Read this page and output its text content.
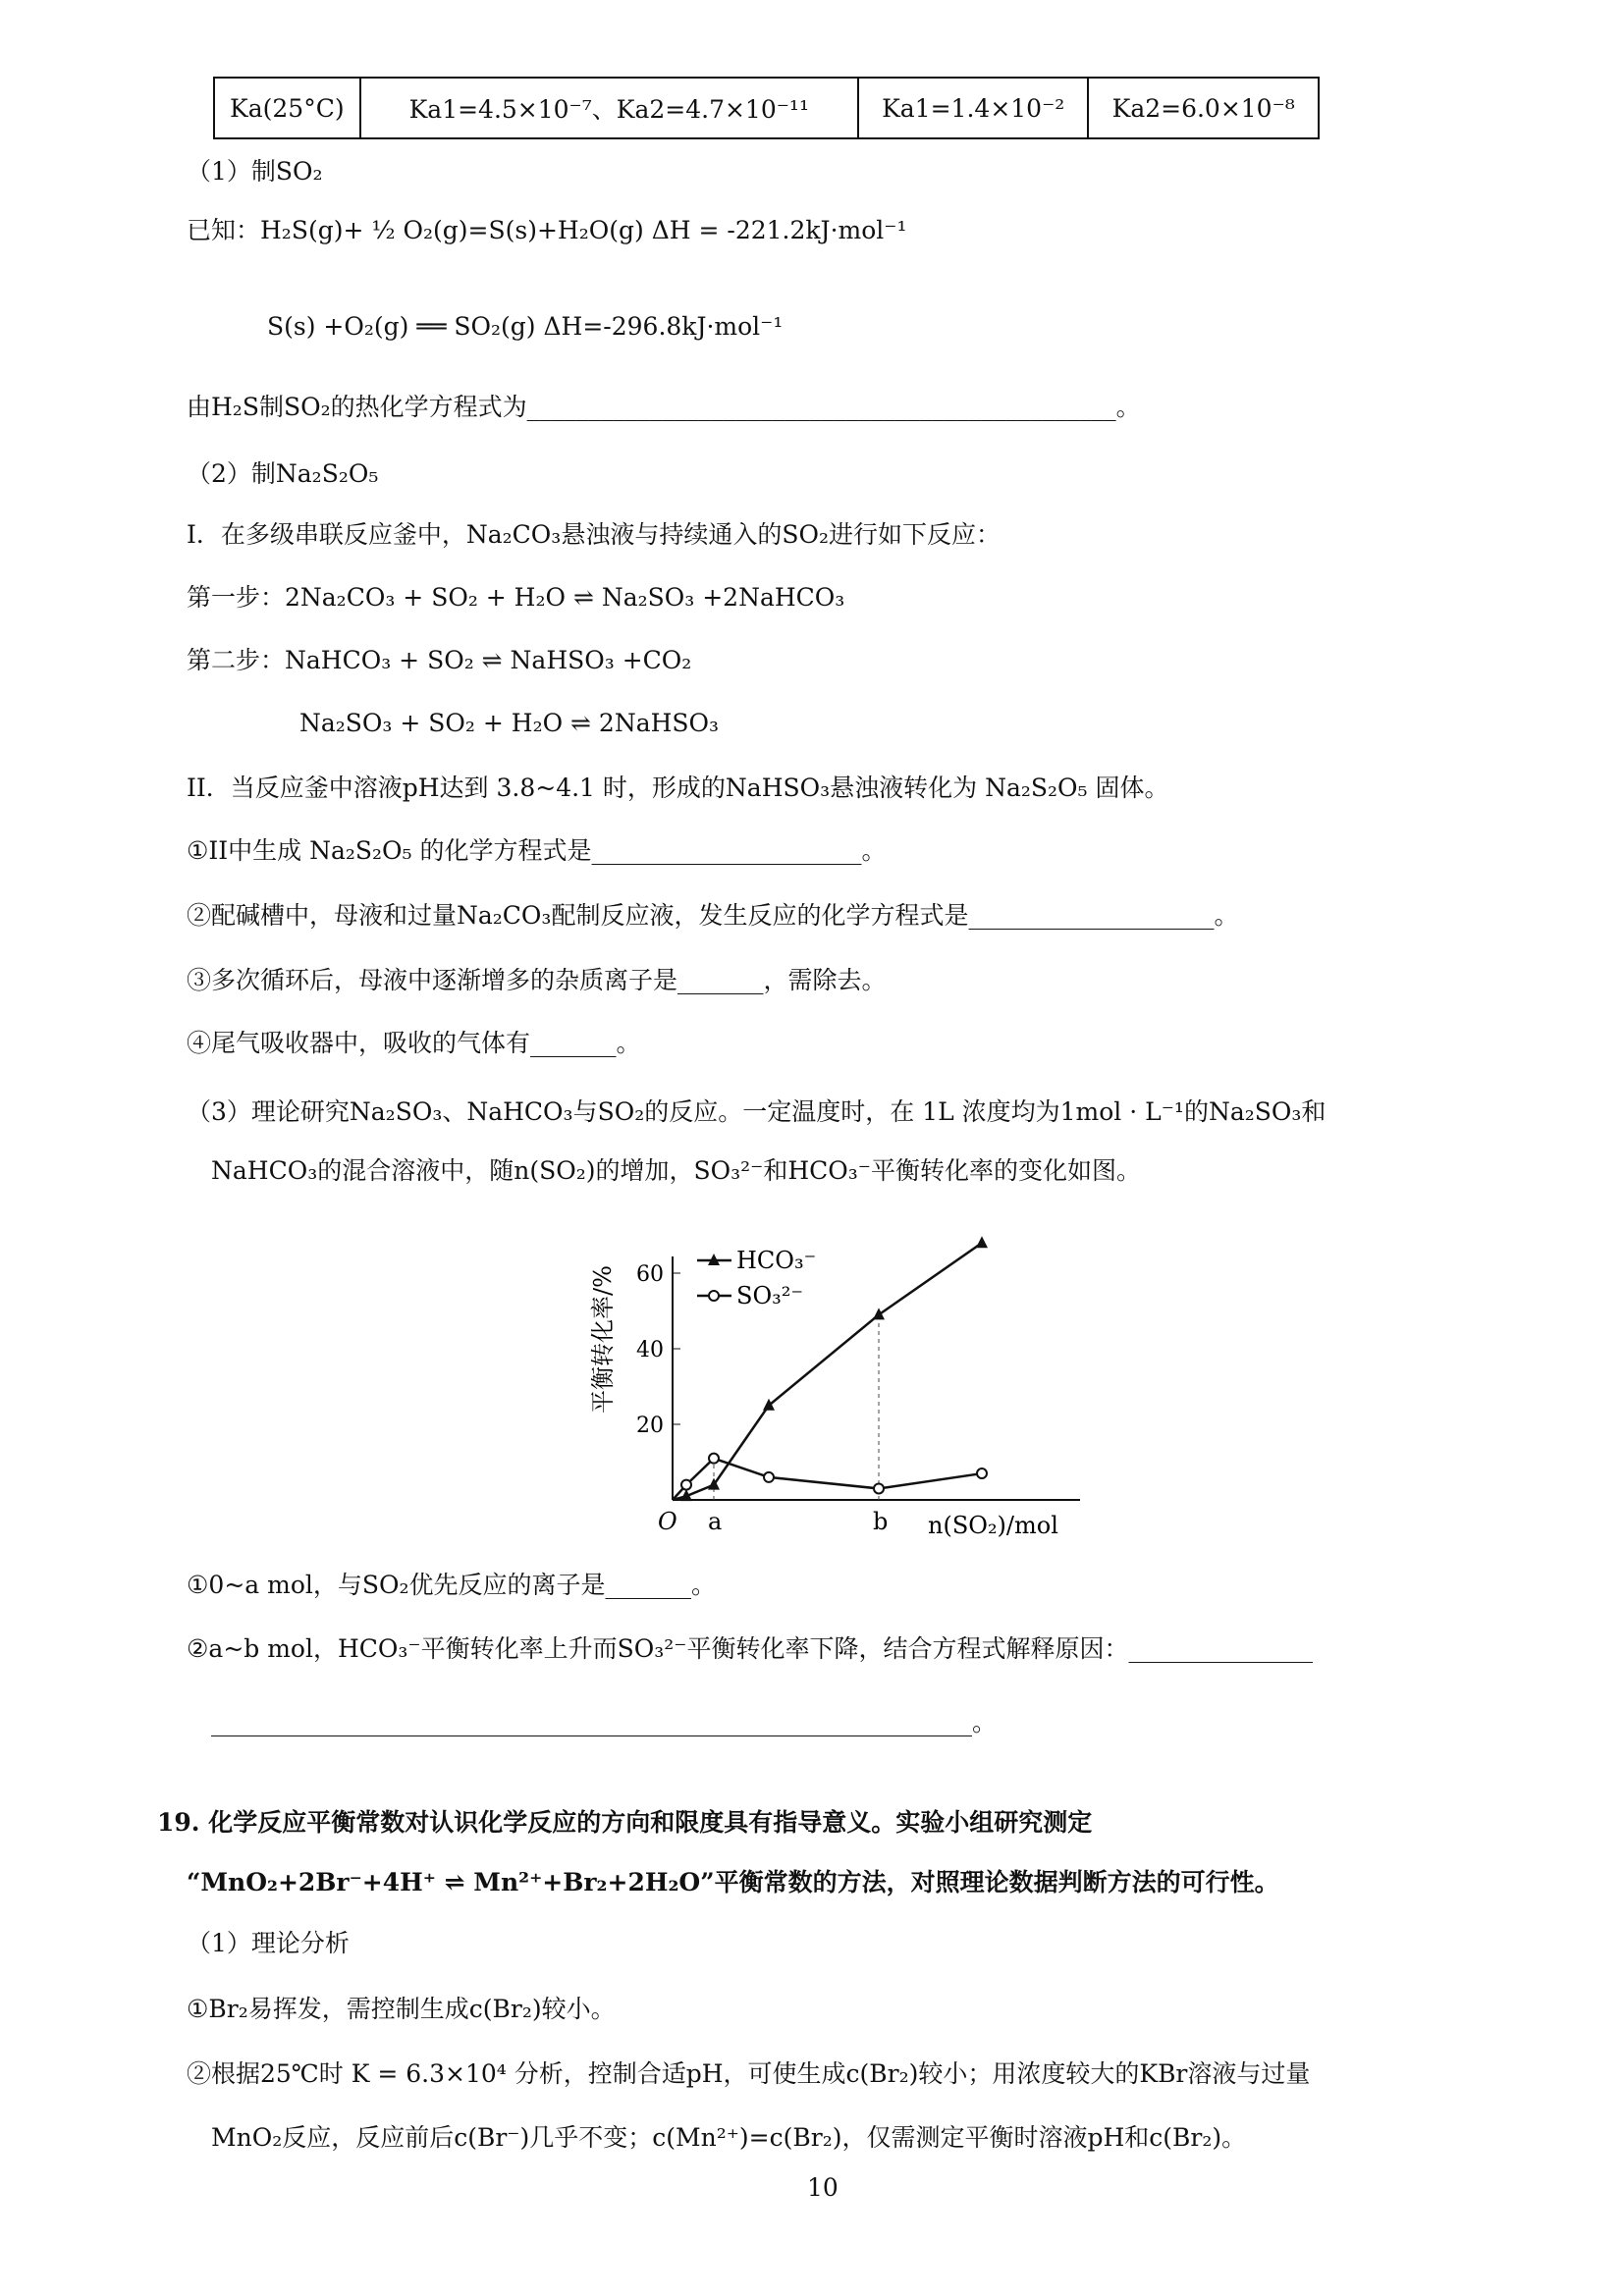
Ka(25°C)	Ka1=4.5×10⁻⁷、Ka2=4.7×10⁻¹¹	Ka1=1.4×10⁻²	Ka2=6.0×10⁻⁸
（1）制SO₂
已知：H₂S(g)+ ½ O₂(g)=S(s)+H₂O(g) ΔH = -221.2kJ·mol⁻¹
S(s) +O₂(g) ══ SO₂(g) ΔH=-296.8kJ·mol⁻¹
由H₂S制SO₂的热化学方程式为________________________________________________。
（2）制Na₂S₂O₅
I．在多级串联反应釜中，Na₂CO₃悬浊液与持续通入的SO₂进行如下反应：
第一步：2Na₂CO₃ + SO₂ + H₂O ⇌ Na₂SO₃ +2NaHCO₃
第二步：NaHCO₃ + SO₂ ⇌ NaHSO₃ +CO₂
Na₂SO₃ + SO₂ + H₂O ⇌ 2NaHSO₃
II．当反应釜中溶液pH达到 3.8~4.1 时，形成的NaHSO₃悬浊液转化为 Na₂S₂O₅ 固体。
①II中生成 Na₂S₂O₅ 的化学方程式是______________________。
②配碱槽中，母液和过量Na₂CO₃配制反应液，发生反应的化学方程式是____________________。
③多次循环后，母液中逐渐增多的杂质离子是_______，需除去。
④尾气吸收器中，吸收的气体有_______。
（3）理论研究Na₂SO₃、NaHCO₃与SO₂的反应。一定温度时，在 1L 浓度均为1mol · L⁻¹的Na₂SO₃和
NaHCO₃的混合溶液中，随n(SO₂)的增加，SO₃²⁻和HCO₃⁻平衡转化率的变化如图。
①0~a mol，与SO₂优先反应的离子是_______。
②a~b mol，HCO₃⁻平衡转化率上升而SO₃²⁻平衡转化率下降，结合方程式解释原因：_______________
______________________________________________________________。
19. 化学反应平衡常数对认识化学反应的方向和限度具有指导意义。实验小组研究测定
“MnO₂+2Br⁻+4H⁺ ⇌ Mn²⁺+Br₂+2H₂O”平衡常数的方法，对照理论数据判断方法的可行性。
（1）理论分析
①Br₂易挥发，需控制生成c(Br₂)较小。
②根据25℃时 K = 6.3×10⁴ 分析，控制合适pH，可使生成c(Br₂)较小；用浓度较大的KBr溶液与过量
MnO₂反应，反应前后c(Br⁻)几乎不变；c(Mn²⁺)=c(Br₂)，仅需测定平衡时溶液pH和c(Br₂)。
10
20
40
60
a	b
平衡转化率/%
n(SO₂)/mol
O
HCO₃⁻
SO₃²⁻
